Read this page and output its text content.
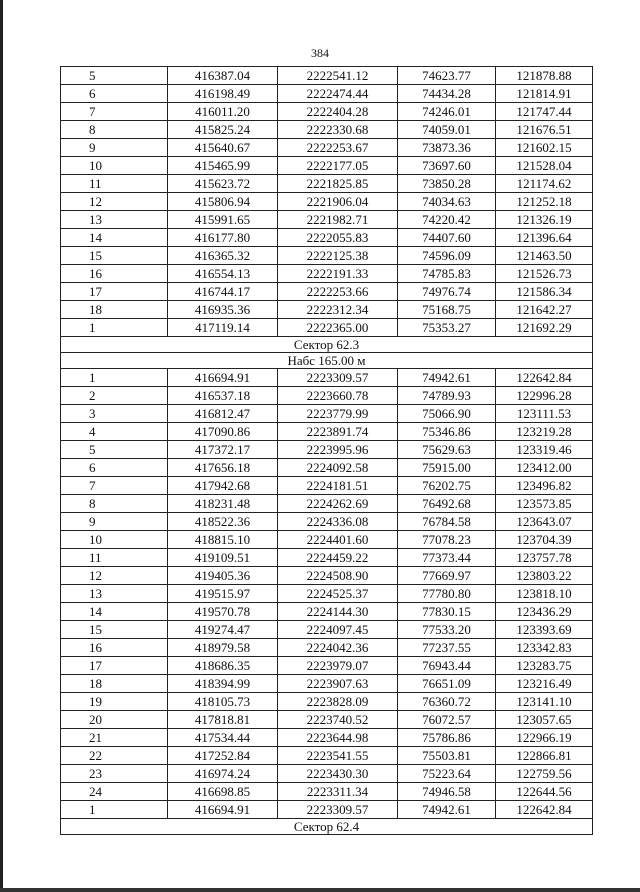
384
5	416387.04	2222541.12	74623.77	121878.88
6	416198.49	2222474.44	74434.28	121814.91
7	416011.20	2222404.28	74246.01	121747.44
8	415825.24	2222330.68	74059.01	121676.51
9	415640.67	2222253.67	73873.36	121602.15
10	415465.99	2222177.05	73697.60	121528.04
11	415623.72	2221825.85	73850.28	121174.62
12	415806.94	2221906.04	74034.63	121252.18
13	415991.65	2221982.71	74220.42	121326.19
14	416177.80	2222055.83	74407.60	121396.64
15	416365.32	2222125.38	74596.09	121463.50
16	416554.13	2222191.33	74785.83	121526.73
17	416744.17	2222253.66	74976.74	121586.34
18	416935.36	2222312.34	75168.75	121642.27
1	417119.14	2222365.00	75353.27	121692.29
Сектор 62.3				
Набс 165.00 м				
1	416694.91	2223309.57	74942.61	122642.84
2	416537.18	2223660.78	74789.93	122996.28
3	416812.47	2223779.99	75066.90	123111.53
4	417090.86	2223891.74	75346.86	123219.28
5	417372.17	2223995.96	75629.63	123319.46
6	417656.18	2224092.58	75915.00	123412.00
7	417942.68	2224181.51	76202.75	123496.82
8	418231.48	2224262.69	76492.68	123573.85
9	418522.36	2224336.08	76784.58	123643.07
10	418815.10	2224401.60	77078.23	123704.39
11	419109.51	2224459.22	77373.44	123757.78
12	419405.36	2224508.90	77669.97	123803.22
13	419515.97	2224525.37	77780.80	123818.10
14	419570.78	2224144.30	77830.15	123436.29
15	419274.47	2224097.45	77533.20	123393.69
16	418979.58	2224042.36	77237.55	123342.83
17	418686.35	2223979.07	76943.44	123283.75
18	418394.99	2223907.63	76651.09	123216.49
19	418105.73	2223828.09	76360.72	123141.10
20	417818.81	2223740.52	76072.57	123057.65
21	417534.44	2223644.98	75786.86	122966.19
22	417252.84	2223541.55	75503.81	122866.81
23	416974.24	2223430.30	75223.64	122759.56
24	416698.85	2223311.34	74946.58	122644.56
1	416694.91	2223309.57	74942.61	122642.84
Сектор 62.4				
